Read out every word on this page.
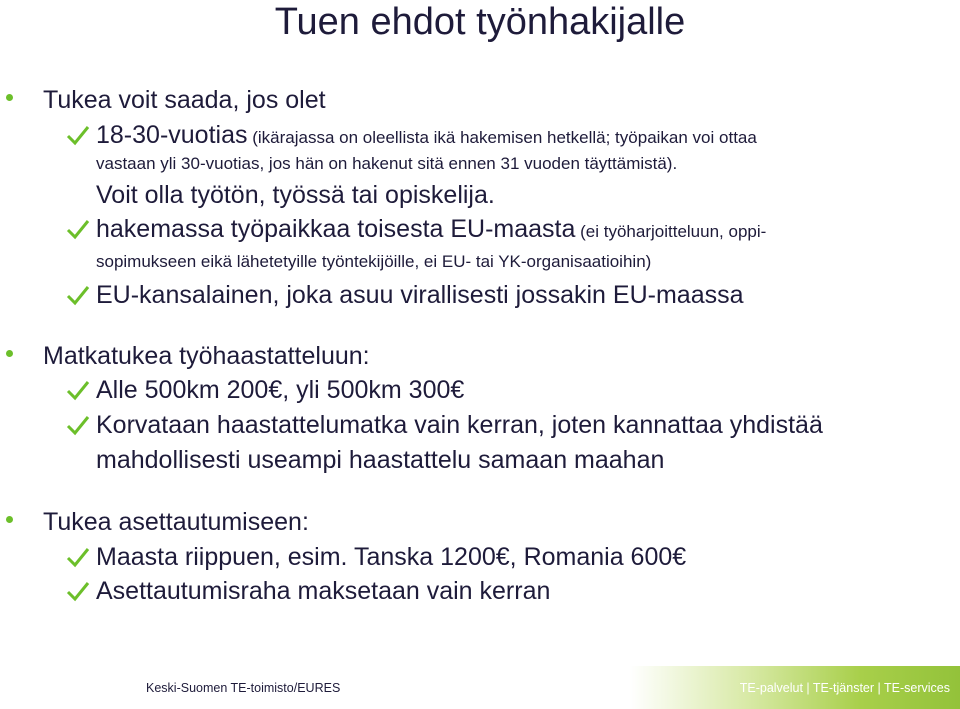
Tuen ehdot työnhakijalle
Tukea voit saada, jos olet
18-30-vuotias (ikärajassa on oleellista ikä hakemisen hetkellä; työpaikan voi ottaa
vastaan yli 30-vuotias, jos hän on hakenut sitä ennen 31 vuoden täyttämistä).
Voit olla työtön, työssä tai opiskelija.
hakemassa työpaikkaa toisesta EU-maasta (ei työharjoitteluun, oppi-
sopimukseen eikä lähetetyille työntekijöille, ei EU- tai YK-organisaatioihin)
EU-kansalainen, joka asuu virallisesti jossakin EU-maassa
Matkatukea työhaastatteluun:
Alle 500km 200€, yli 500km 300€
Korvataan haastattelumatka vain kerran, joten kannattaa yhdistää
mahdollisesti useampi haastattelu samaan maahan
Tukea asettautumiseen:
Maasta riippuen, esim. Tanska 1200€, Romania 600€
Asettautumisraha maksetaan vain kerran
Keski-Suomen TE-toimisto/EURES	TE-palvelut | TE-tjänster | TE-services
